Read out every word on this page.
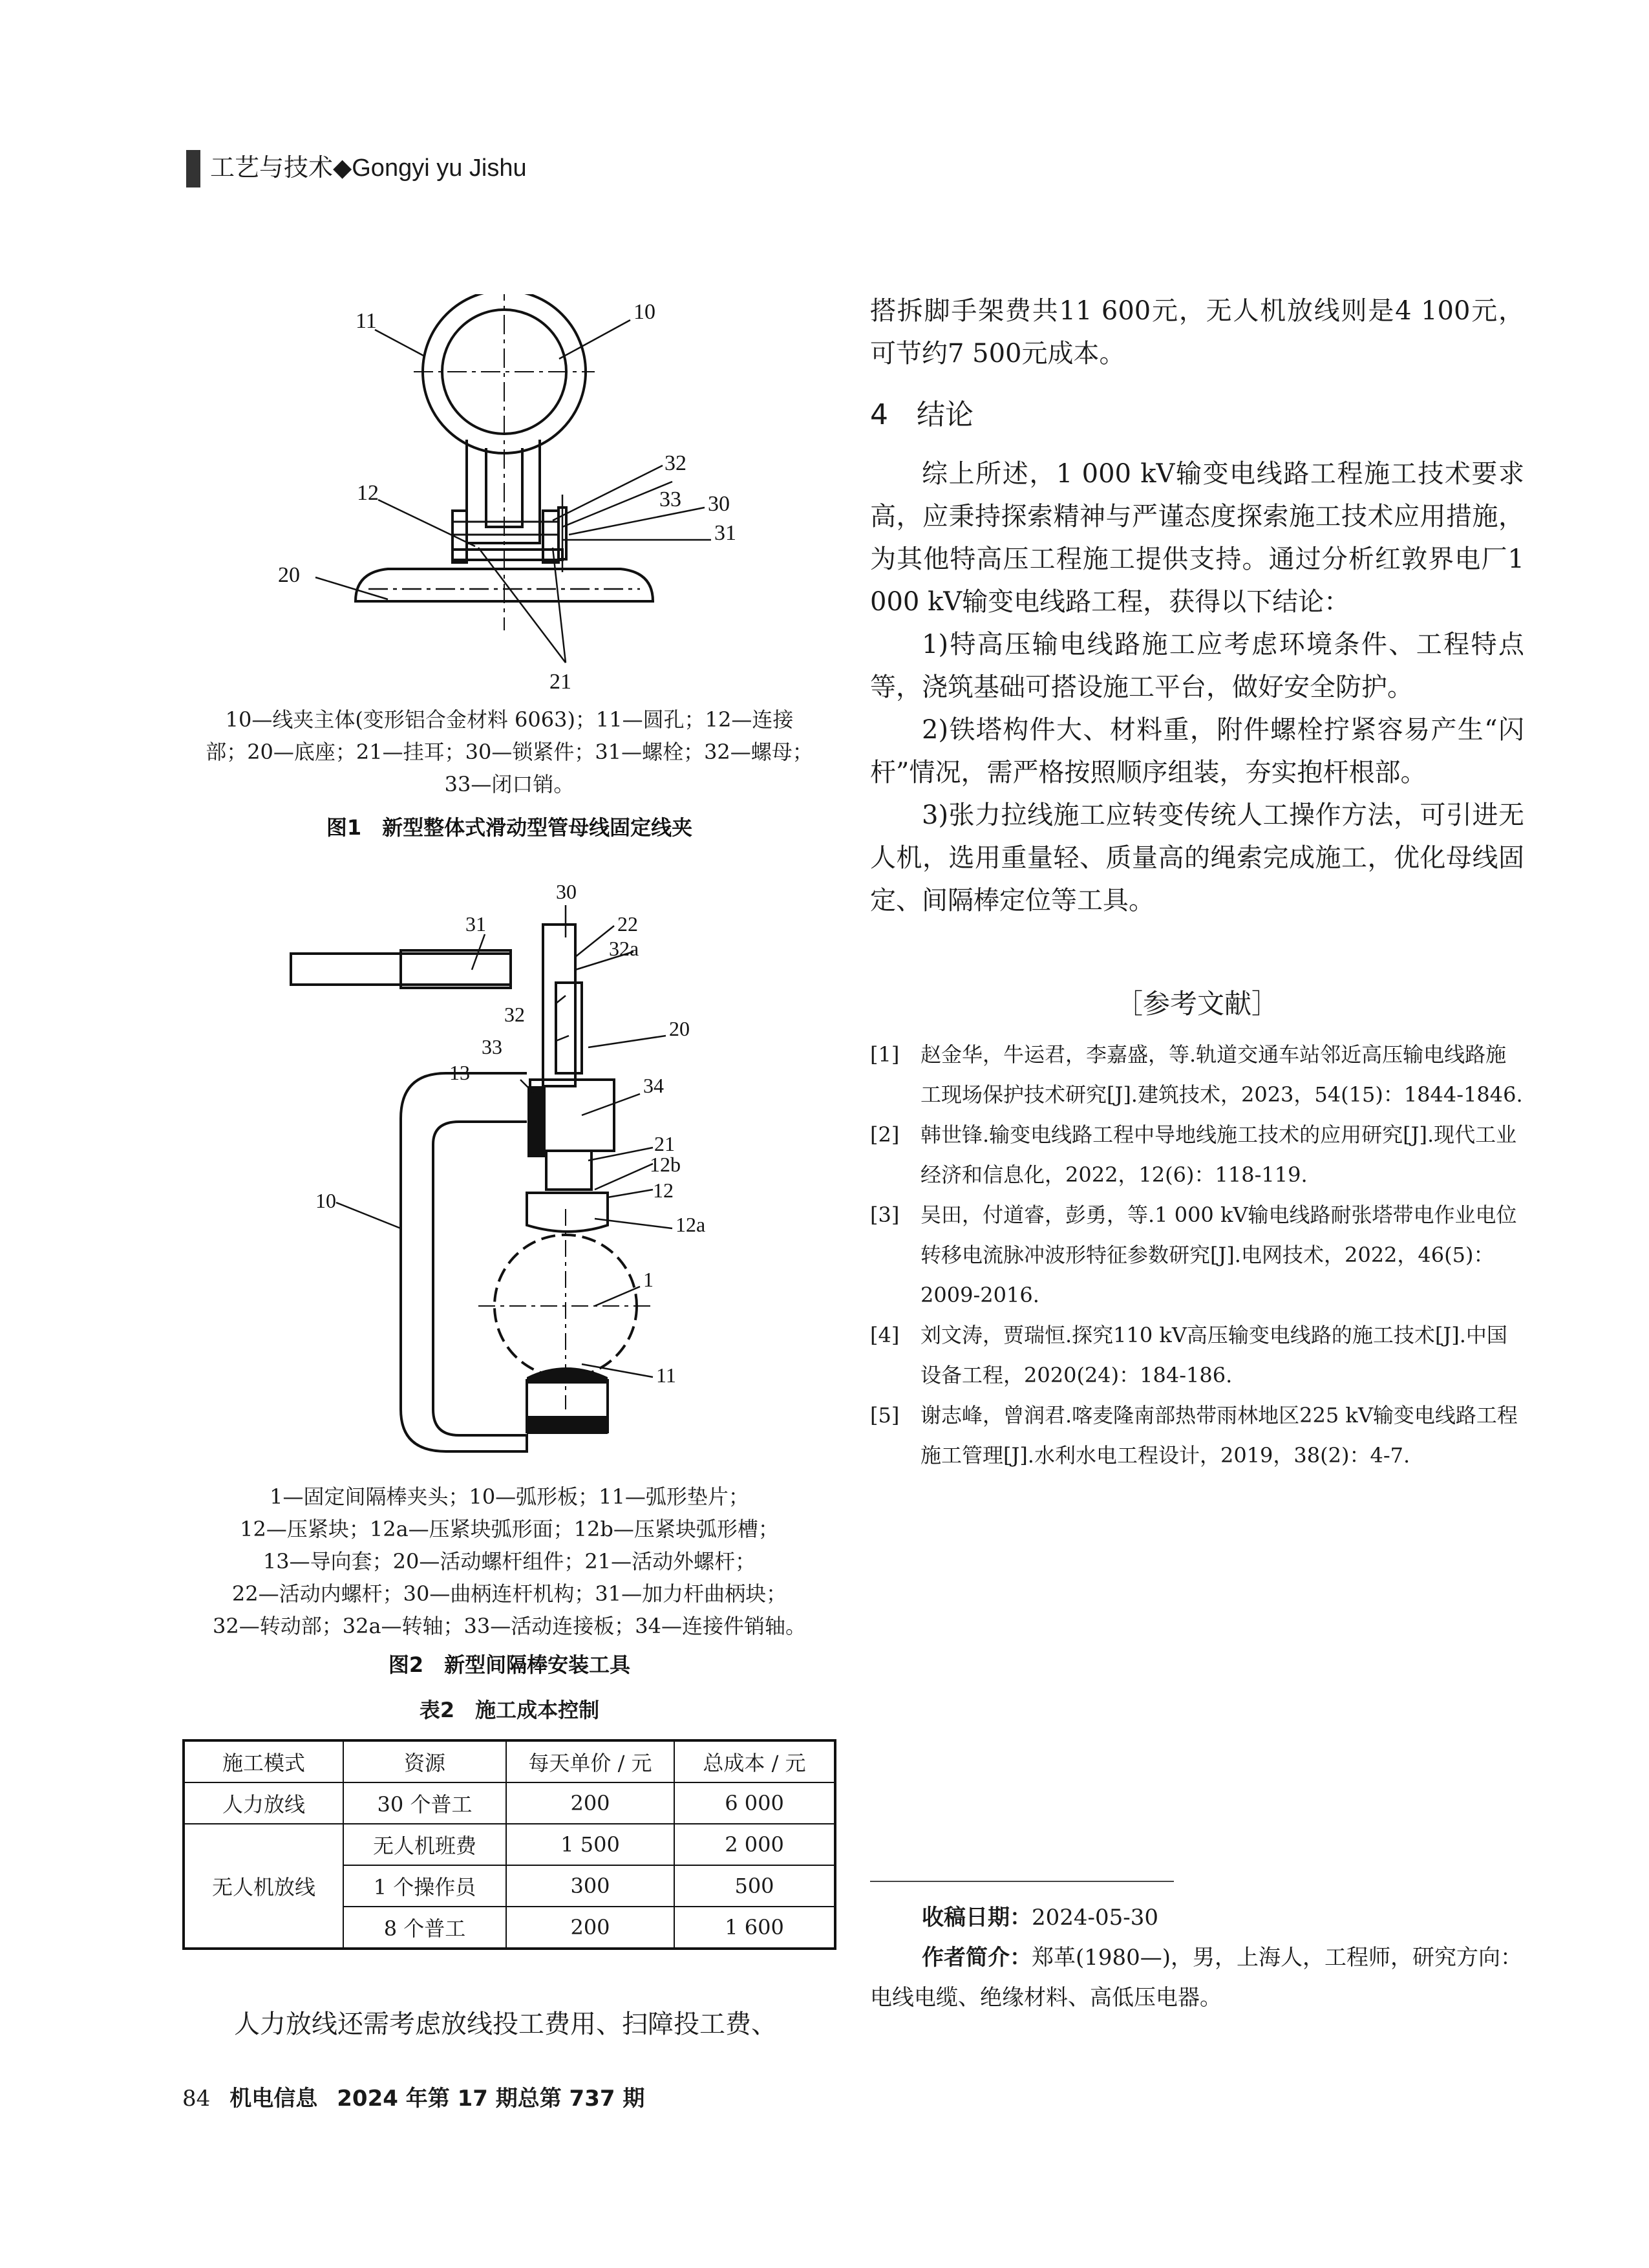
工艺与技术◆Gongyi yu Jishu
11	10
12
32
33 30
31
20
21
10—线夹主体(变形铝合金材料 6063)；11—圆孔；12—连接
部；20—底座；21—挂耳；30—锁紧件；31—螺栓；32—螺母；
33—闭口销。
图1　新型整体式滑动型管母线固定线夹
30
31	22
32a
32
33
20
13
34
21
12b
12
12a
10
1
11
1—固定间隔棒夹头；10—弧形板；11—弧形垫片；
12—压紧块；12a—压紧块弧形面；12b—压紧块弧形槽；
13—导向套；20—活动螺杆组件；21—活动外螺杆；
22—活动内螺杆；30—曲柄连杆机构；31—加力杆曲柄块；
32—转动部；32a—转轴；33—活动连接板；34—连接件销轴。
图2　新型间隔棒安装工具
表2　施工成本控制
施工模式	资源	每天单价 / 元	总成本 / 元
人力放线	30 个普工	200	6 000
无人机放线	无人机班费	1 500	2 000
	1 个操作员	300	500
	8 个普工	200	1 600
人力放线还需考虑放线投工费用、扫障投工费、
搭拆脚手架费共11 600元，无人机放线则是4 100元，可节约7 500元成本。
4 结论
综上所述，1 000 kV输变电线路工程施工技术要求高，应秉持探索精神与严谨态度探索施工技术应用措施，为其他特高压工程施工提供支持。通过分析红敦界电厂1 000 kV输变电线路工程，获得以下结论：
1)特高压输电线路施工应考虑环境条件、工程特点等，浇筑基础可搭设施工平台，做好安全防护。
2)铁塔构件大、材料重，附件螺栓拧紧容易产生“闪杆”情况，需严格按照顺序组装，夯实抱杆根部。
3)张力拉线施工应转变传统人工操作方法，可引进无人机，选用重量轻、质量高的绳索完成施工，优化母线固定、间隔棒定位等工具。
［参考文献］
[1]	赵金华，牛运君，李嘉盛，等.轨道交通车站邻近高压输电线路施工现场保护技术研究[J].建筑技术，2023，54(15)：1844-1846.
[2]	韩世锋.输变电线路工程中导地线施工技术的应用研究[J].现代工业经济和信息化，2022，12(6)：118-119.
[3]	吴田，付道睿，彭勇，等.1 000 kV输电线路耐张塔带电作业电位转移电流脉冲波形特征参数研究[J].电网技术，2022，46(5)：2009-2016.
[4]	刘文涛，贾瑞恒.探究110 kV高压输变电线路的施工技术[J].中国设备工程，2020(24)：184-186.
[5]	谢志峰，曾润君.喀麦隆南部热带雨林地区225 kV输变电线路工程施工管理[J].水利水电工程设计，2019，38(2)：4-7.
收稿日期：2024-05-30
作者简介：郑革(1980—)，男，上海人，工程师，研究方向：电线电缆、绝缘材料、高低压电器。
84 机电信息 2024 年第 17 期总第 737 期
